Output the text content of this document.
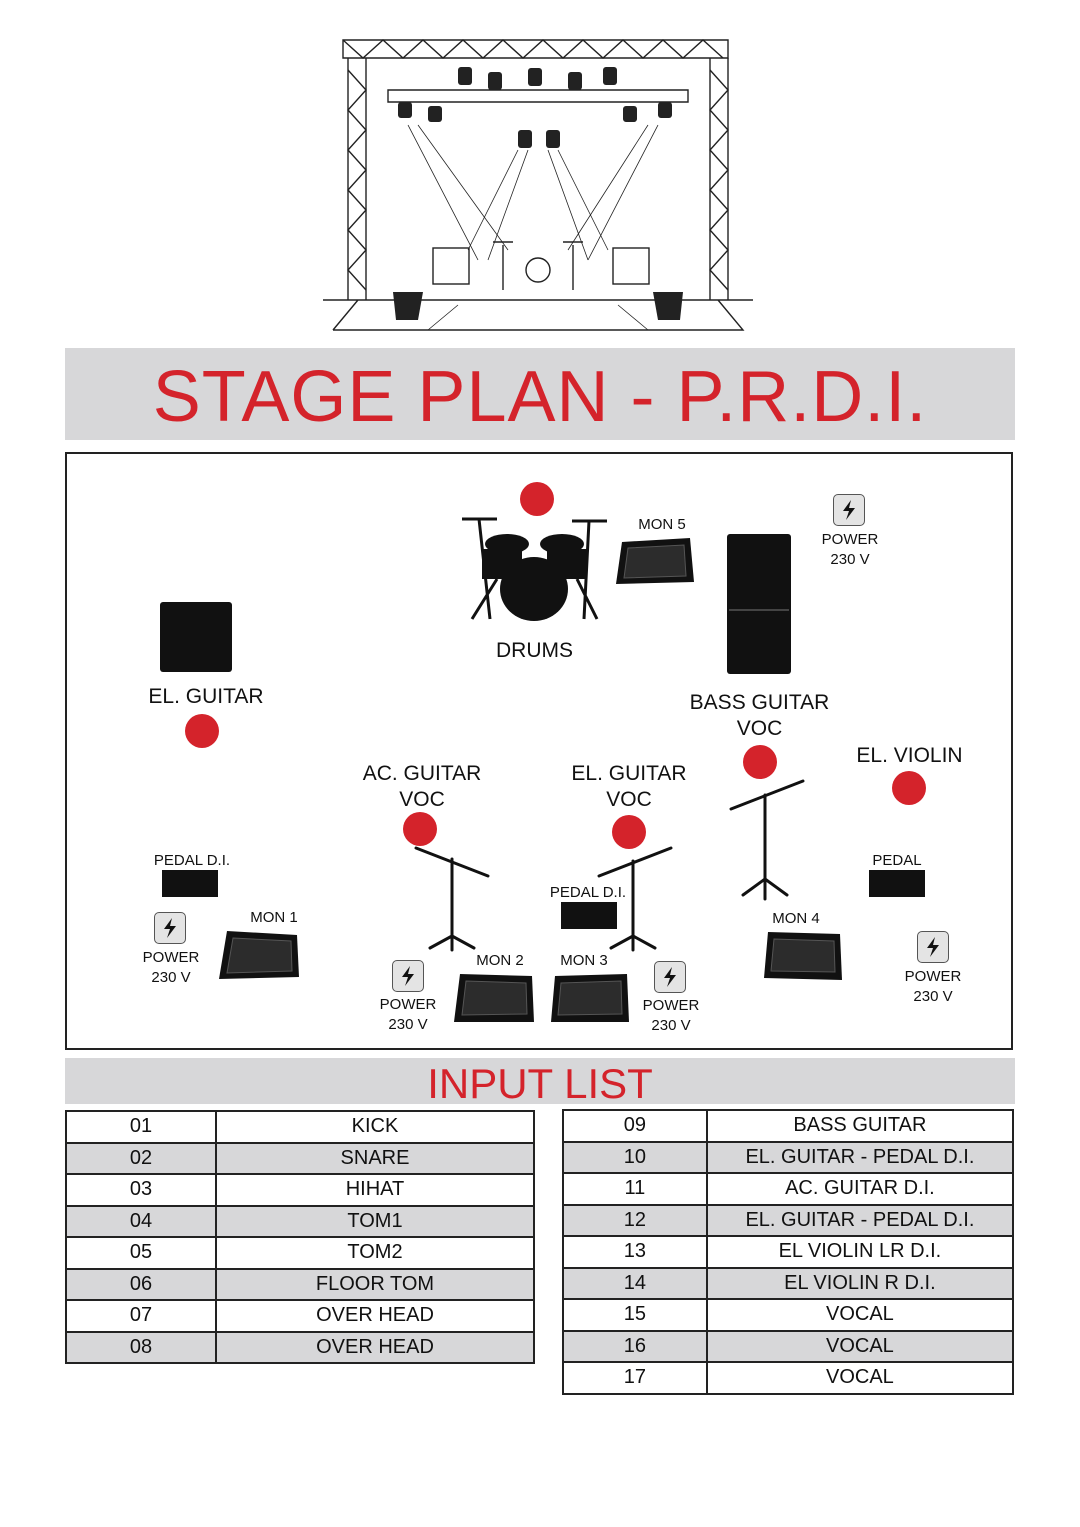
STAGE PLAN - P.R.D.I.
DRUMS
MON 5
POWER
230 V
EL. GUITAR	BASS GUITAR
VOC
EL. VIOLIN
AC. GUITAR
VOC
EL. GUITAR
VOC
PEDAL D.I.
PEDAL D.I.
PEDAL
MON 1
POWER
230 V
POWER
230 V
MON 2	MON 3
POWER
230 V
MON 4
POWER
230 V
INPUT LIST
01	KICK
02	SNARE
03	HIHAT
04	TOM1
05	TOM2
06	FLOOR TOM
07	OVER HEAD
08	OVER HEAD
09	BASS GUITAR
10	EL. GUITAR - PEDAL D.I.
11	AC. GUITAR D.I.
12	EL. GUITAR - PEDAL D.I.
13	EL VIOLIN LR D.I.
14	EL VIOLIN R D.I.
15	VOCAL
16	VOCAL
17	VOCAL
